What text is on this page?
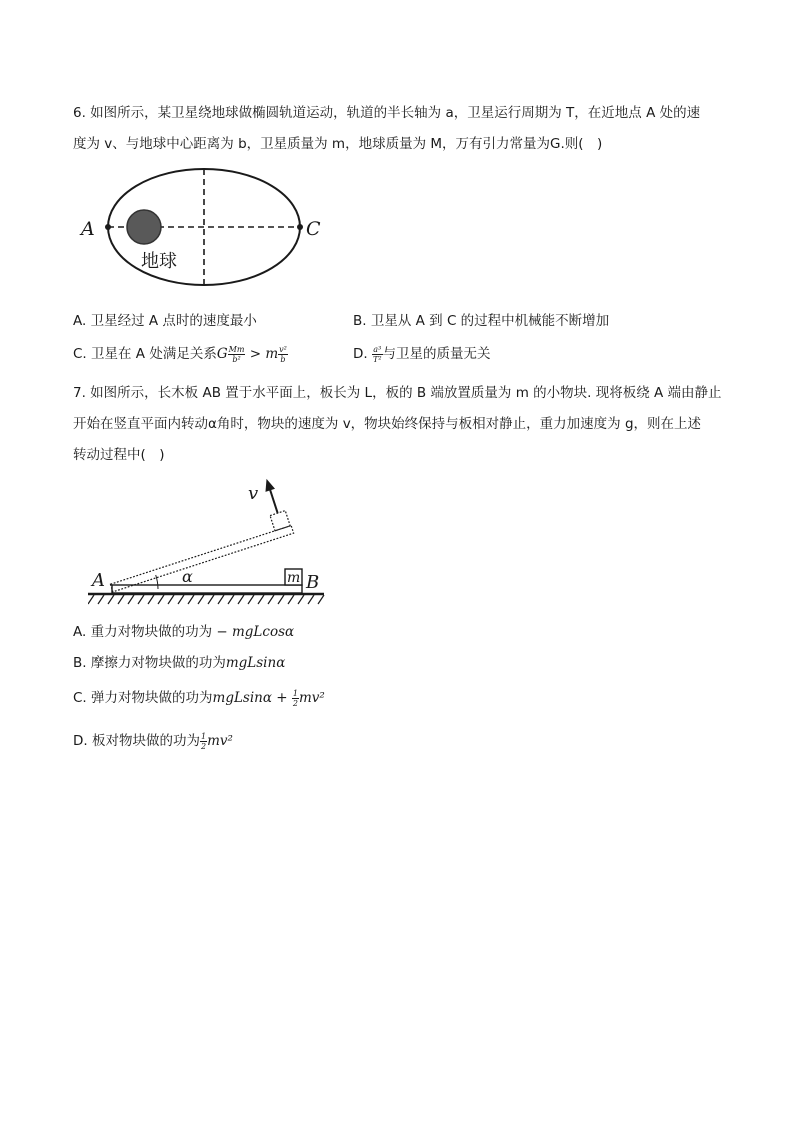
6. 如图所示，某卫星绕地球做椭圆轨道运动，轨道的半长轴为 a，卫星运行周期为 T，在近地点 A 处的速
度为 v、与地球中心距离为 b，卫星质量为 m，地球质量为 M，万有引力常量为G.则(　)
A	C
地球
A. 卫星经过 A 点时的速度最小	B. 卫星从 A 到 C 的过程中机械能不断增加
C. 卫星在 A 处满足关系G $\frac{Mm}{\text{b²}} > m \frac{\text{v²}}{b}$	D. $\frac{\text{a³}}{\text{T²}}$ 与卫星的质量无关
7. 如图所示，长木板 AB 置于水平面上，板长为 L，板的 B 端放置质量为 m 的小物块. 现将板绕 A 端由静止
开始在竖直平面内转动α角时，物块的速度为 v，物块始终保持与板相对静止，重力加速度为 g，则在上述
转动过程中(　)
m
α
A	B
v
A. 重力对物块做的功为 − mgLcosα
B. 摩擦力对物块做的功为mgLsinα
C. 弹力对物块做的功为$mgLsin\alpha + \frac{1}{2} mv^2$
D. 板对物块做的功为 $\frac{1}{2} mv^2$
